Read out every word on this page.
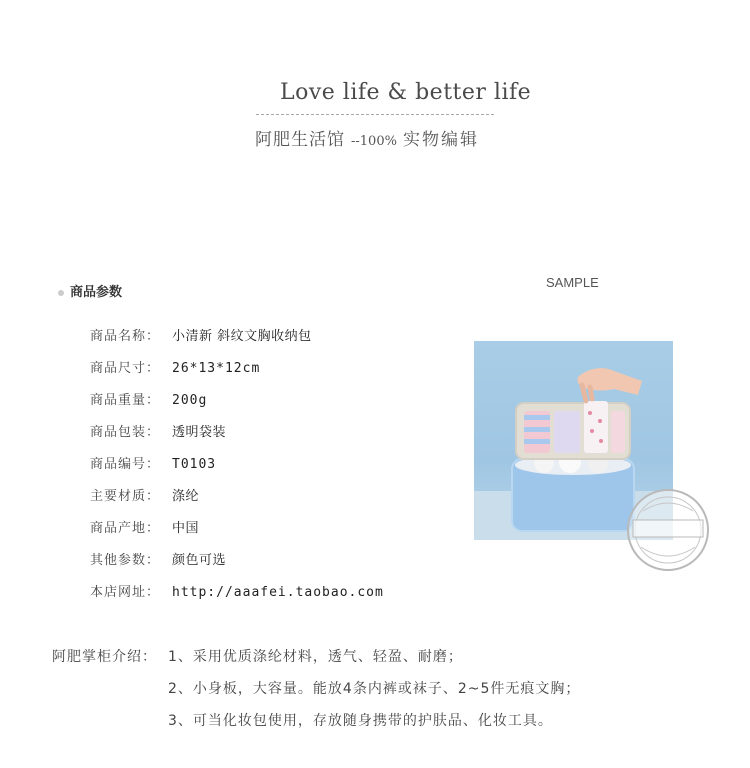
Love life & better life
阿肥生活馆 --100% 实物编辑
商品参数
SAMPLE
商品名称： 小清新 斜纹文胸收纳包
商品尺寸： 26*13*12cm
商品重量： 200g
商品包装： 透明袋装
商品编号： T0103
主要材质： 涤纶
商品产地： 中国
其他参数： 颜色可选
本店网址： http://aaafei.taobao.com
阿肥掌柜介绍： 1、采用优质涤纶材料，透气、轻盈、耐磨；
2、小身板，大容量。能放4条内裤或袜子、2~5件无痕文胸；
3、可当化妆包使用，存放随身携带的护肤品、化妆工具。
